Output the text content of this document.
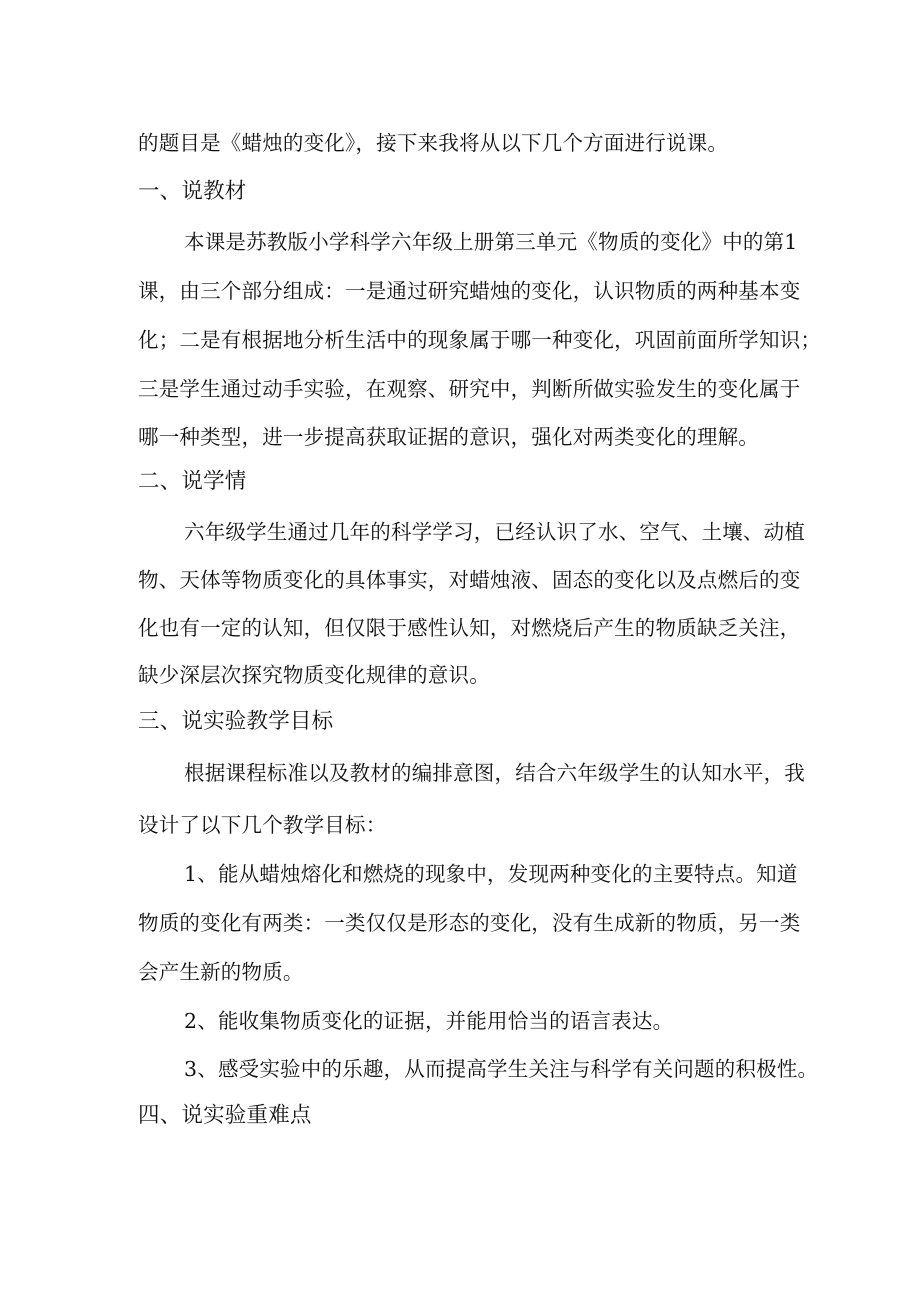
的题目是《蜡烛的变化》，接下来我将从以下几个方面进行说课。
一、说教材
本课是苏教版小学科学六年级上册第三单元《物质的变化》中的第1
课，由三个部分组成：一是通过研究蜡烛的变化，认识物质的两种基本变
化；二是有根据地分析生活中的现象属于哪一种变化，巩固前面所学知识；
三是学生通过动手实验，在观察、研究中，判断所做实验发生的变化属于
哪一种类型，进一步提高获取证据的意识，强化对两类变化的理解。
二、说学情
六年级学生通过几年的科学学习，已经认识了水、空气、土壤、动植
物、天体等物质变化的具体事实，对蜡烛液、固态的变化以及点燃后的变
化也有一定的认知，但仅限于感性认知，对燃烧后产生的物质缺乏关注，
缺少深层次探究物质变化规律的意识。
三、说实验教学目标
根据课程标准以及教材的编排意图，结合六年级学生的认知水平，我
设计了以下几个教学目标：
1、能从蜡烛熔化和燃烧的现象中，发现两种变化的主要特点。知道
物质的变化有两类：一类仅仅是形态的变化，没有生成新的物质，另一类
会产生新的物质。
2、能收集物质变化的证据，并能用恰当的语言表达。
3、感受实验中的乐趣，从而提高学生关注与科学有关问题的积极性。
四、说实验重难点
